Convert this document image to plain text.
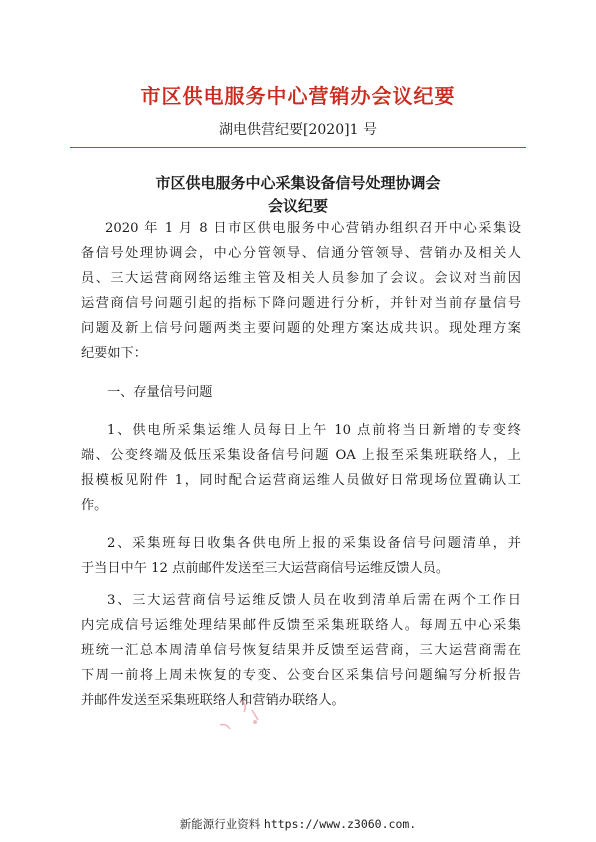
市区供电服务中心营销办会议纪要
湖电供营纪要[2020]1 号
市区供电服务中心采集设备信号处理协调会
会议纪要
2020 年 1 月 8 日市区供电服务中心营销办组织召开中心采集设
备信号处理协调会，中心分管领导、信通分管领导、营销办及相关人
员、三大运营商网络运维主管及相关人员参加了会议。会议对当前因
运营商信号问题引起的指标下降问题进行分析，并针对当前存量信号
问题及新上信号问题两类主要问题的处理方案达成共识。现处理方案
纪要如下：
一、存量信号问题
1、供电所采集运维人员每日上午 10 点前将当日新增的专变终
端、公变终端及低压采集设备信号问题 OA 上报至采集班联络人，上
报模板见附件 1，同时配合运营商运维人员做好日常现场位置确认工
作。
2、采集班每日收集各供电所上报的采集设备信号问题清单，并
于当日中午 12 点前邮件发送至三大运营商信号运维反馈人员。
3、三大运营商信号运维反馈人员在收到清单后需在两个工作日
内完成信号运维处理结果邮件反馈至采集班联络人。每周五中心采集
班统一汇总本周清单信号恢复结果并反馈至运营商，三大运营商需在
下周一前将上周未恢复的专变、公变台区采集信号问题编写分析报告
并邮件发送至采集班联络人和营销办联络人。
新能源行业资料 https://www.z3060.com.
